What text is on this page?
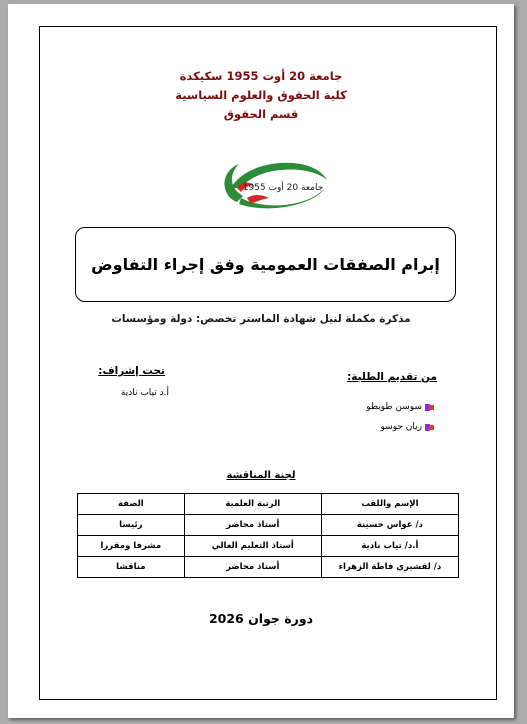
جامعة 20 أوت 1955 سكيكدة
كلية الحقوق والعلوم السياسية
قسم الحقوق
جامعة 20 أوت 1955
إبرام الصفقات العمومية وفق إجراء التفاوض
مذكرة مكملة لنيل شهادة الماستر تخصص: دولة ومؤسسات
من تقديم الطلبة:
تحت إشراف:
أ.د تياب نادية
سوسن طويطو
ريان حوسو
لجنة المناقشة
الإسم واللقب	الرتبة العلمية	الصفة
د/ غواس حسينة	أستاذ محاضر	رئيسا
أ.د/ تياب نادية	أستاذ التعليم العالي	مشرفا ومقررا
د/ لقشيري فاطة الزهراء	أستاذ محاضر	مناقشا
دورة جوان 2026
